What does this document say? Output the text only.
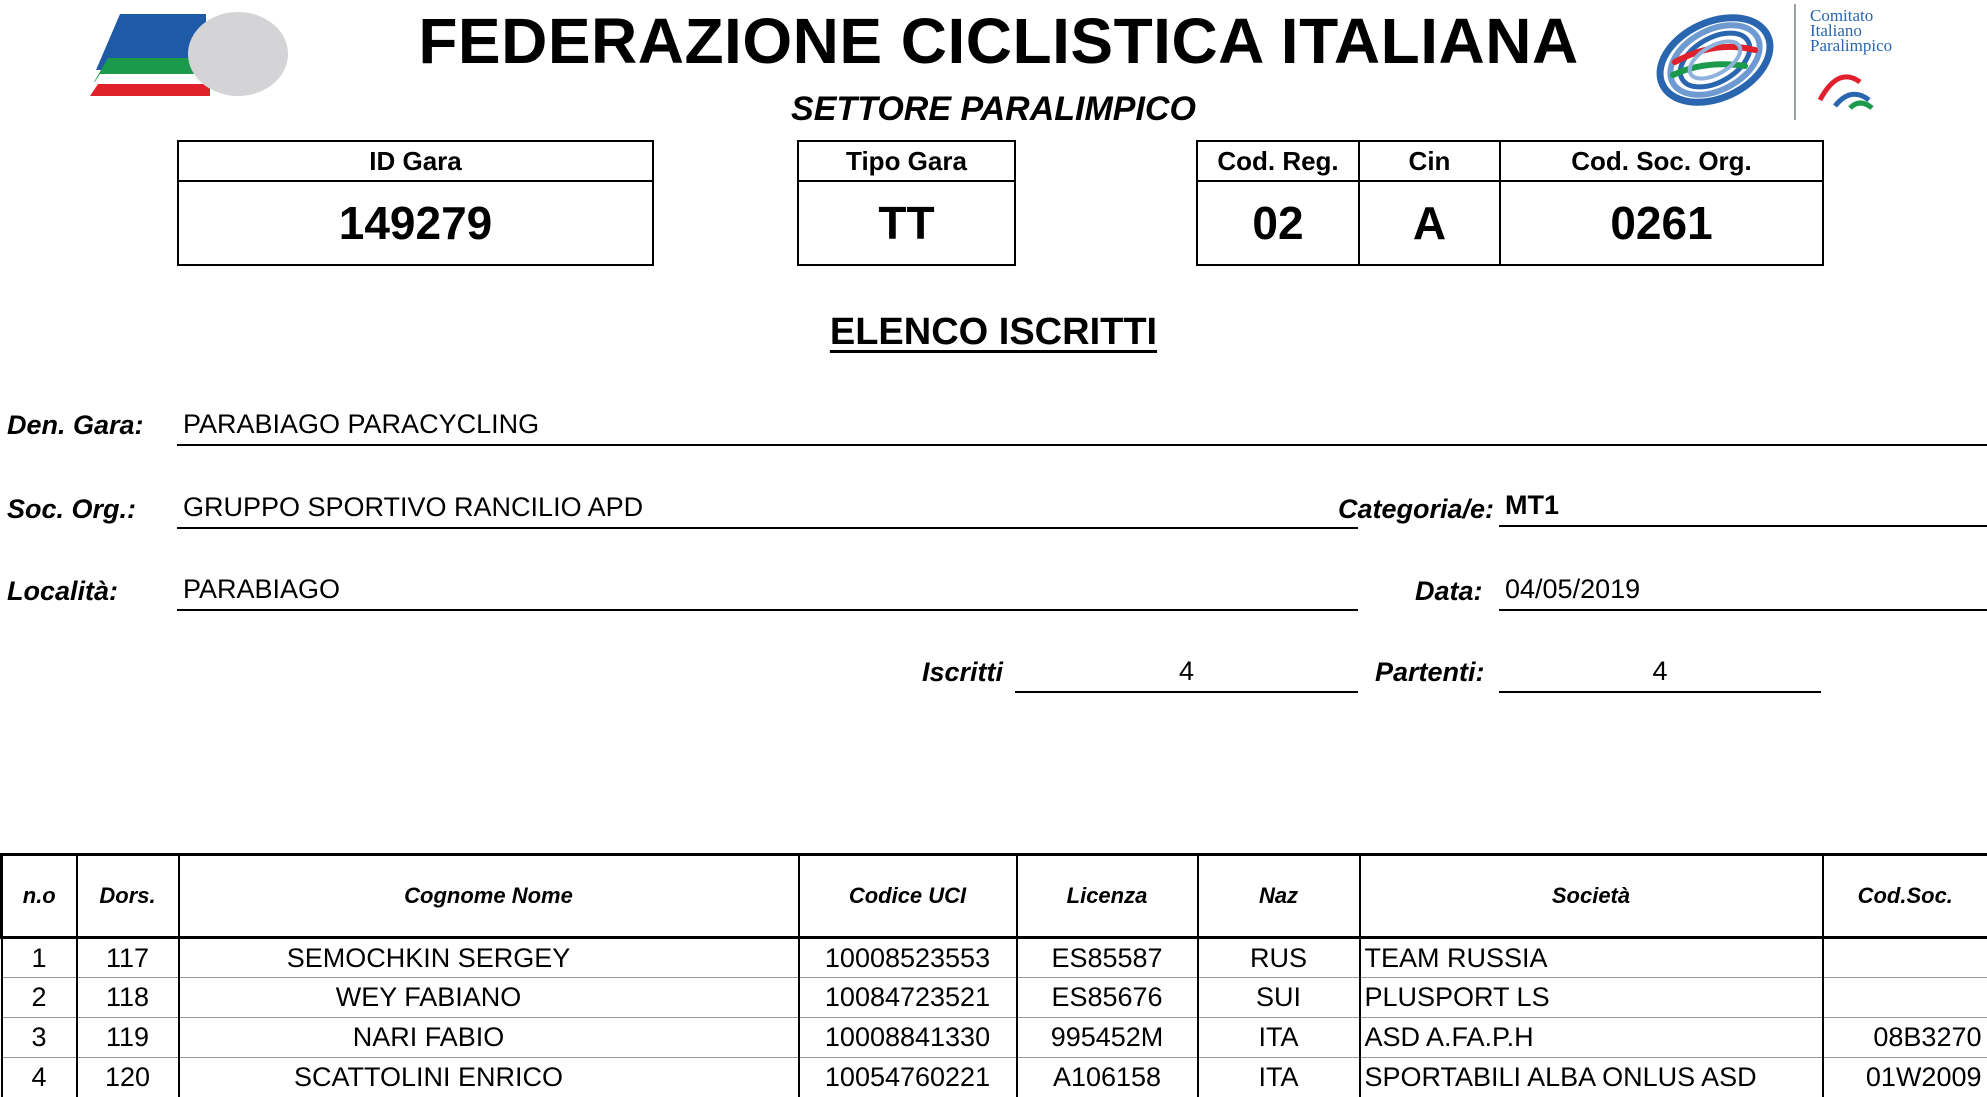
FEDERAZIONE CICLISTICA ITALIANA
SETTORE PARALIMPICO
Comitato
Italiano
Paralimpico
ID Gara
149279
Tipo Gara
TT
Cod. Reg.	Cin	Cod. Soc. Org.
02	A	0261
ELENCO ISCRITTI
Den. Gara: PARABIAGO PARACYCLING
Soc. Org.: GRUPPO SPORTIVO RANCILIO APD	Categoria/e: MT1
Località: PARABIAGO	Data: 04/05/2019
Iscritti	4	Partenti:	4
n.o	Dors.	Cognome Nome	Codice UCI	Licenza	Naz	Società	Cod.Soc.
1	117	SEMOCHKIN SERGEY	10008523553	ES85587	RUS	TEAM RUSSIA	
2	118	WEY FABIANO	10084723521	ES85676	SUI	PLUSPORT LS	
3	119	NARI FABIO	10008841330	995452M	ITA	ASD A.FA.P.H	08B3270
4	120	SCATTOLINI ENRICO	10054760221	A106158	ITA	SPORTABILI ALBA ONLUS ASD	01W2009
